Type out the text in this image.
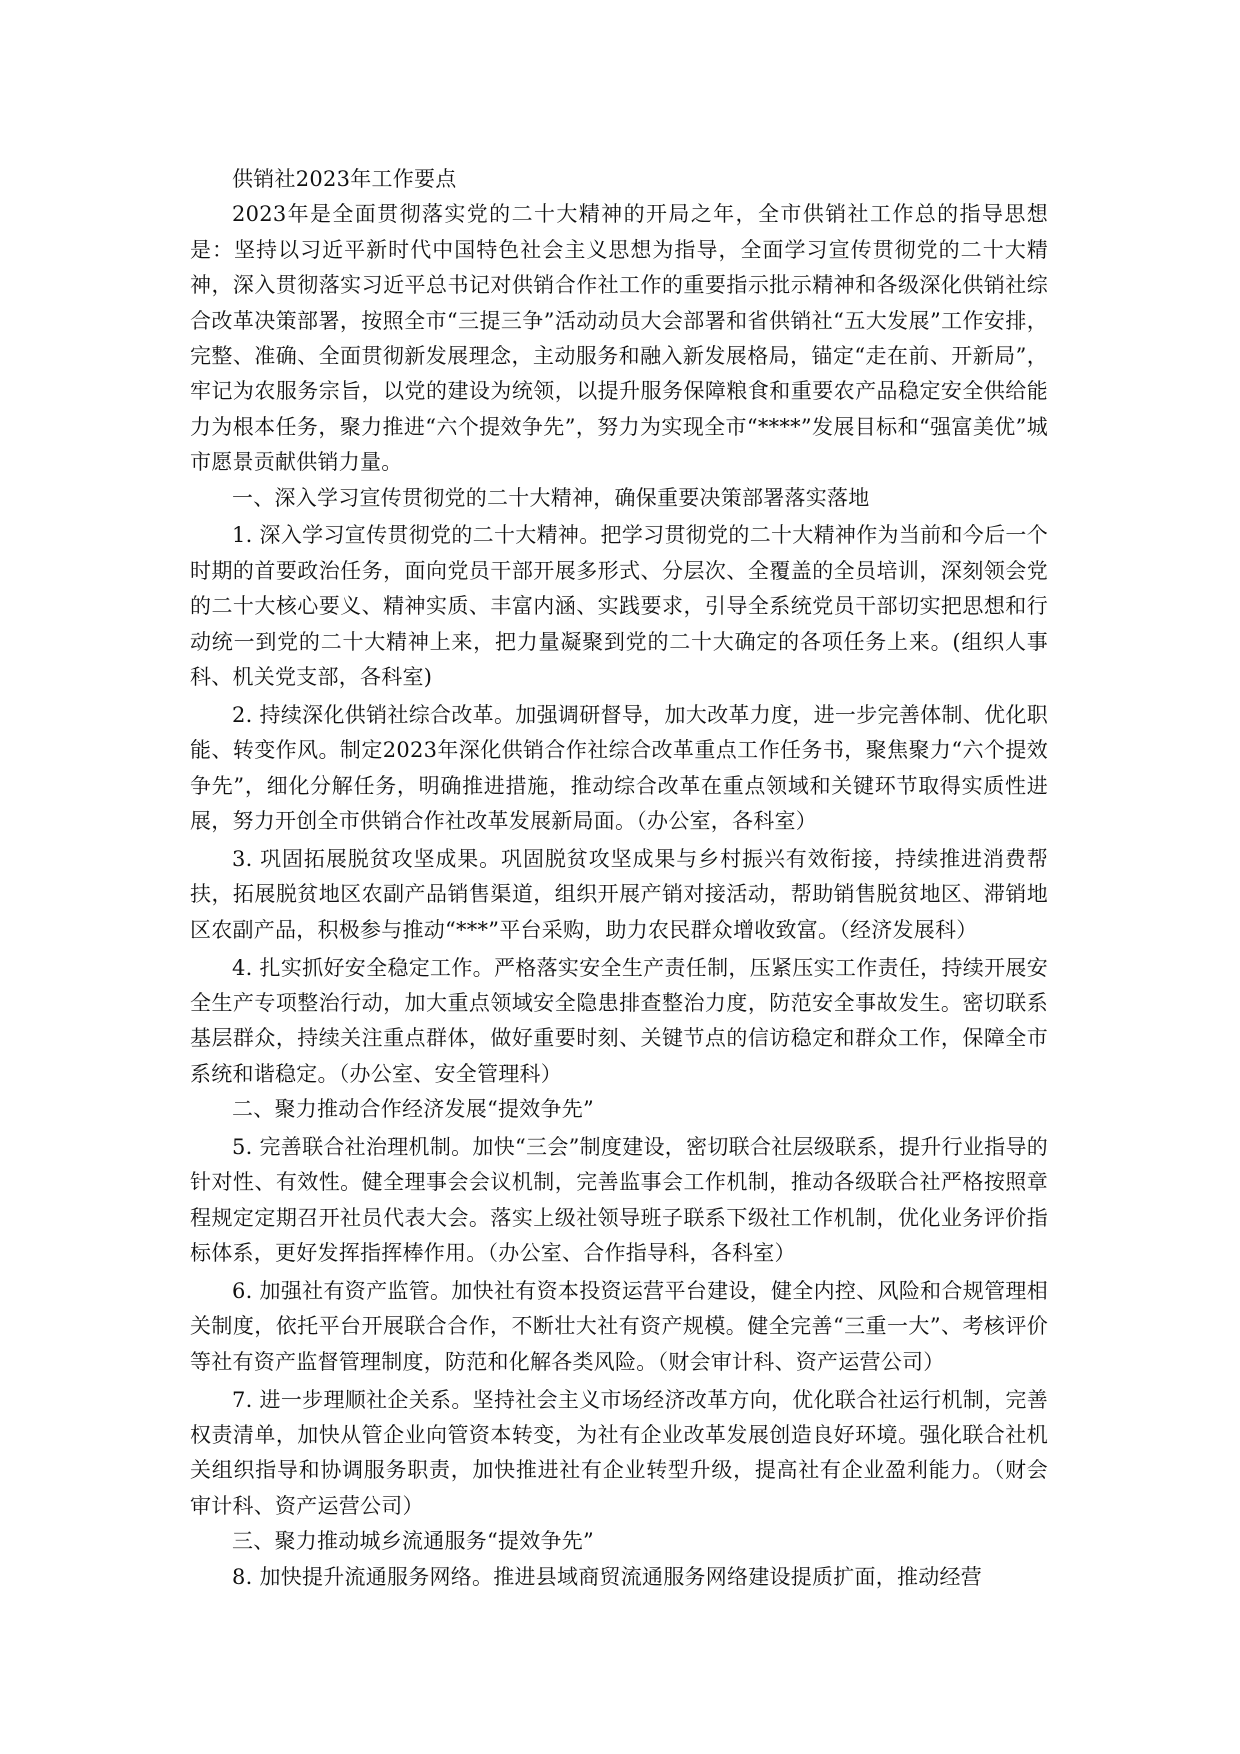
供销社2023年工作要点

2023年是全面贯彻落实党的二十大精神的开局之年，全市供销社工作总的指导思想是：坚持以习近平新时代中国特色社会主义思想为指导，全面学习宣传贯彻党的二十大精神，深入贯彻落实习近平总书记对供销合作社工作的重要指示批示精神和各级深化供销社综合改革决策部署，按照全市“三提三争”活动动员大会部署和省供销社“五大发展”工作安排，完整、准确、全面贯彻新发展理念，主动服务和融入新发展格局，锚定“走在前、开新局”，牢记为农服务宗旨，以党的建设为统领，以提升服务保障粮食和重要农产品稳定安全供给能力为根本任务，聚力推进“六个提效争先”，努力为实现全市“****”发展目标和“强富美优”城市愿景贡献供销力量。

一、深入学习宣传贯彻党的二十大精神，确保重要决策部署落实落地

1. 深入学习宣传贯彻党的二十大精神。把学习贯彻党的二十大精神作为当前和今后一个时期的首要政治任务，面向党员干部开展多形式、分层次、全覆盖的全员培训，深刻领会党的二十大核心要义、精神实质、丰富内涵、实践要求，引导全系统党员干部切实把思想和行动统一到党的二十大精神上来，把力量凝聚到党的二十大确定的各项任务上来。(组织人事科、机关党支部，各科室)

2. 持续深化供销社综合改革。加强调研督导，加大改革力度，进一步完善体制、优化职能、转变作风。制定2023年深化供销合作社综合改革重点工作任务书，聚焦聚力“六个提效争先”，细化分解任务，明确推进措施，推动综合改革在重点领域和关键环节取得实质性进展，努力开创全市供销合作社改革发展新局面。（办公室，各科室）

3. 巩固拓展脱贫攻坚成果。巩固脱贫攻坚成果与乡村振兴有效衔接，持续推进消费帮扶，拓展脱贫地区农副产品销售渠道，组织开展产销对接活动，帮助销售脱贫地区、滞销地区农副产品，积极参与推动“***”平台采购，助力农民群众增收致富。（经济发展科）

4. 扎实抓好安全稳定工作。严格落实安全生产责任制，压紧压实工作责任，持续开展安全生产专项整治行动，加大重点领域安全隐患排查整治力度，防范安全事故发生。密切联系基层群众，持续关注重点群体，做好重要时刻、关键节点的信访稳定和群众工作，保障全市系统和谐稳定。（办公室、安全管理科）

二、聚力推动合作经济发展“提效争先”

5. 完善联合社治理机制。加快“三会”制度建设，密切联合社层级联系，提升行业指导的针对性、有效性。健全理事会会议机制，完善监事会工作机制，推动各级联合社严格按照章程规定定期召开社员代表大会。落实上级社领导班子联系下级社工作机制，优化业务评价指标体系，更好发挥指挥棒作用。（办公室、合作指导科，各科室）

6. 加强社有资产监管。加快社有资本投资运营平台建设，健全内控、风险和合规管理相关制度，依托平台开展联合合作，不断壮大社有资产规模。健全完善“三重一大”、考核评价等社有资产监督管理制度，防范和化解各类风险。（财会审计科、资产运营公司）

7. 进一步理顺社企关系。坚持社会主义市场经济改革方向，优化联合社运行机制，完善权责清单，加快从管企业向管资本转变，为社有企业改革发展创造良好环境。强化联合社机关组织指导和协调服务职责，加快推进社有企业转型升级，提高社有企业盈利能力。（财会审计科、资产运营公司）

三、聚力推动城乡流通服务“提效争先”

8. 加快提升流通服务网络。推进县域商贸流通服务网络建设提质扩面，推动经营
